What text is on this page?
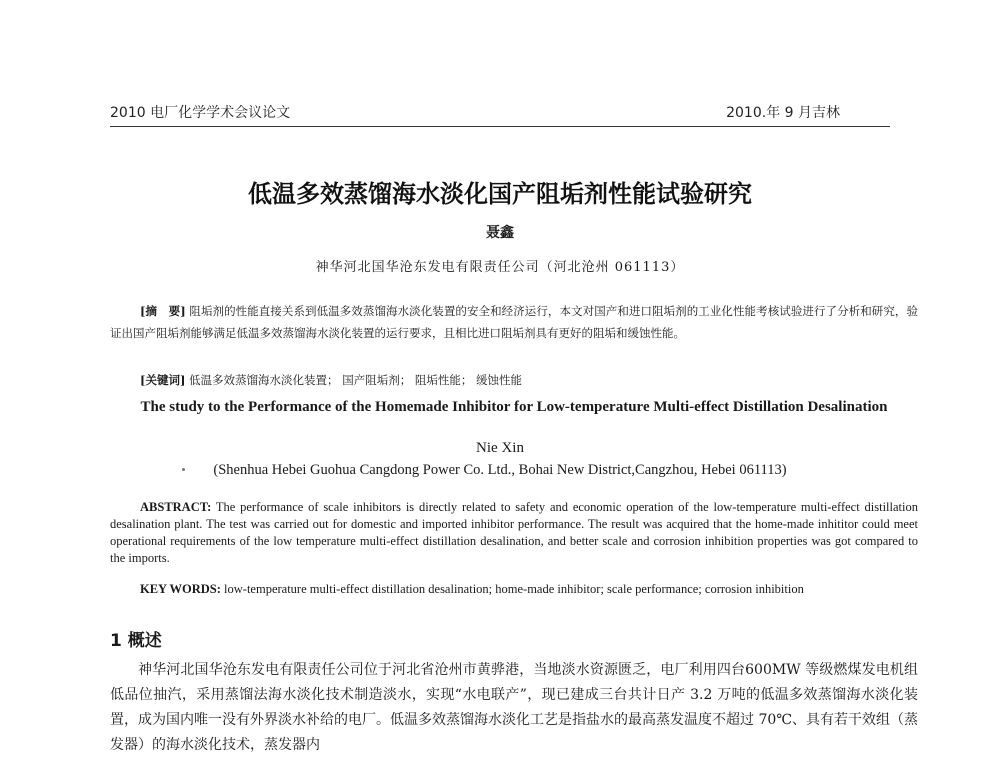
2010 电厂化学学术会议论文	2010.年 9 月吉林
低温多效蒸馏海水淡化国产阻垢剂性能试验研究
聂鑫
神华河北国华沧东发电有限责任公司（河北沧州 061113）
[摘　要] 阻垢剂的性能直接关系到低温多效蒸馏海水淡化装置的安全和经济运行，本文对国产和进口阻垢剂的工业化性能考核试验进行了分析和研究，验证出国产阻垢剂能够满足低温多效蒸馏海水淡化装置的运行要求，且相比进口阻垢剂具有更好的阻垢和缓蚀性能。
[关键词] 低温多效蒸馏海水淡化装置； 国产阻垢剂； 阻垢性能； 缓蚀性能
The study to the Performance of the Homemade Inhibitor for Low-temperature Multi-effect Distillation Desalination
Nie Xin
(Shenhua Hebei Guohua Cangdong Power Co. Ltd., Bohai New District,Cangzhou, Hebei 061113)
ABSTRACT: The performance of scale inhibitors is directly related to safety and economic operation of the low-temperature multi-effect distillation desalination plant. The test was carried out for domestic and imported inhibitor performance. The result was acquired that the home-made inhititor could meet operational requirements of the low temperature multi-effect distillation desalination, and better scale and corrosion inhibition properties was got compared to the imports.
KEY WORDS: low-temperature multi-effect distillation desalination; home-made inhibitor; scale performance; corrosion inhibition
1 概述
神华河北国华沧东发电有限责任公司位于河北省沧州市黄骅港，当地淡水资源匮乏，电厂利用四台600MW 等级燃煤发电机组低品位抽汽，采用蒸馏法海水淡化技术制造淡水，实现“水电联产”，现已建成三台共计日产 3.2 万吨的低温多效蒸馏海水淡化装置，成为国内唯一没有外界淡水补给的电厂。低温多效蒸馏海水淡化工艺是指盐水的最高蒸发温度不超过 70℃、具有若干效组（蒸发器）的海水淡化技术，蒸发器内
